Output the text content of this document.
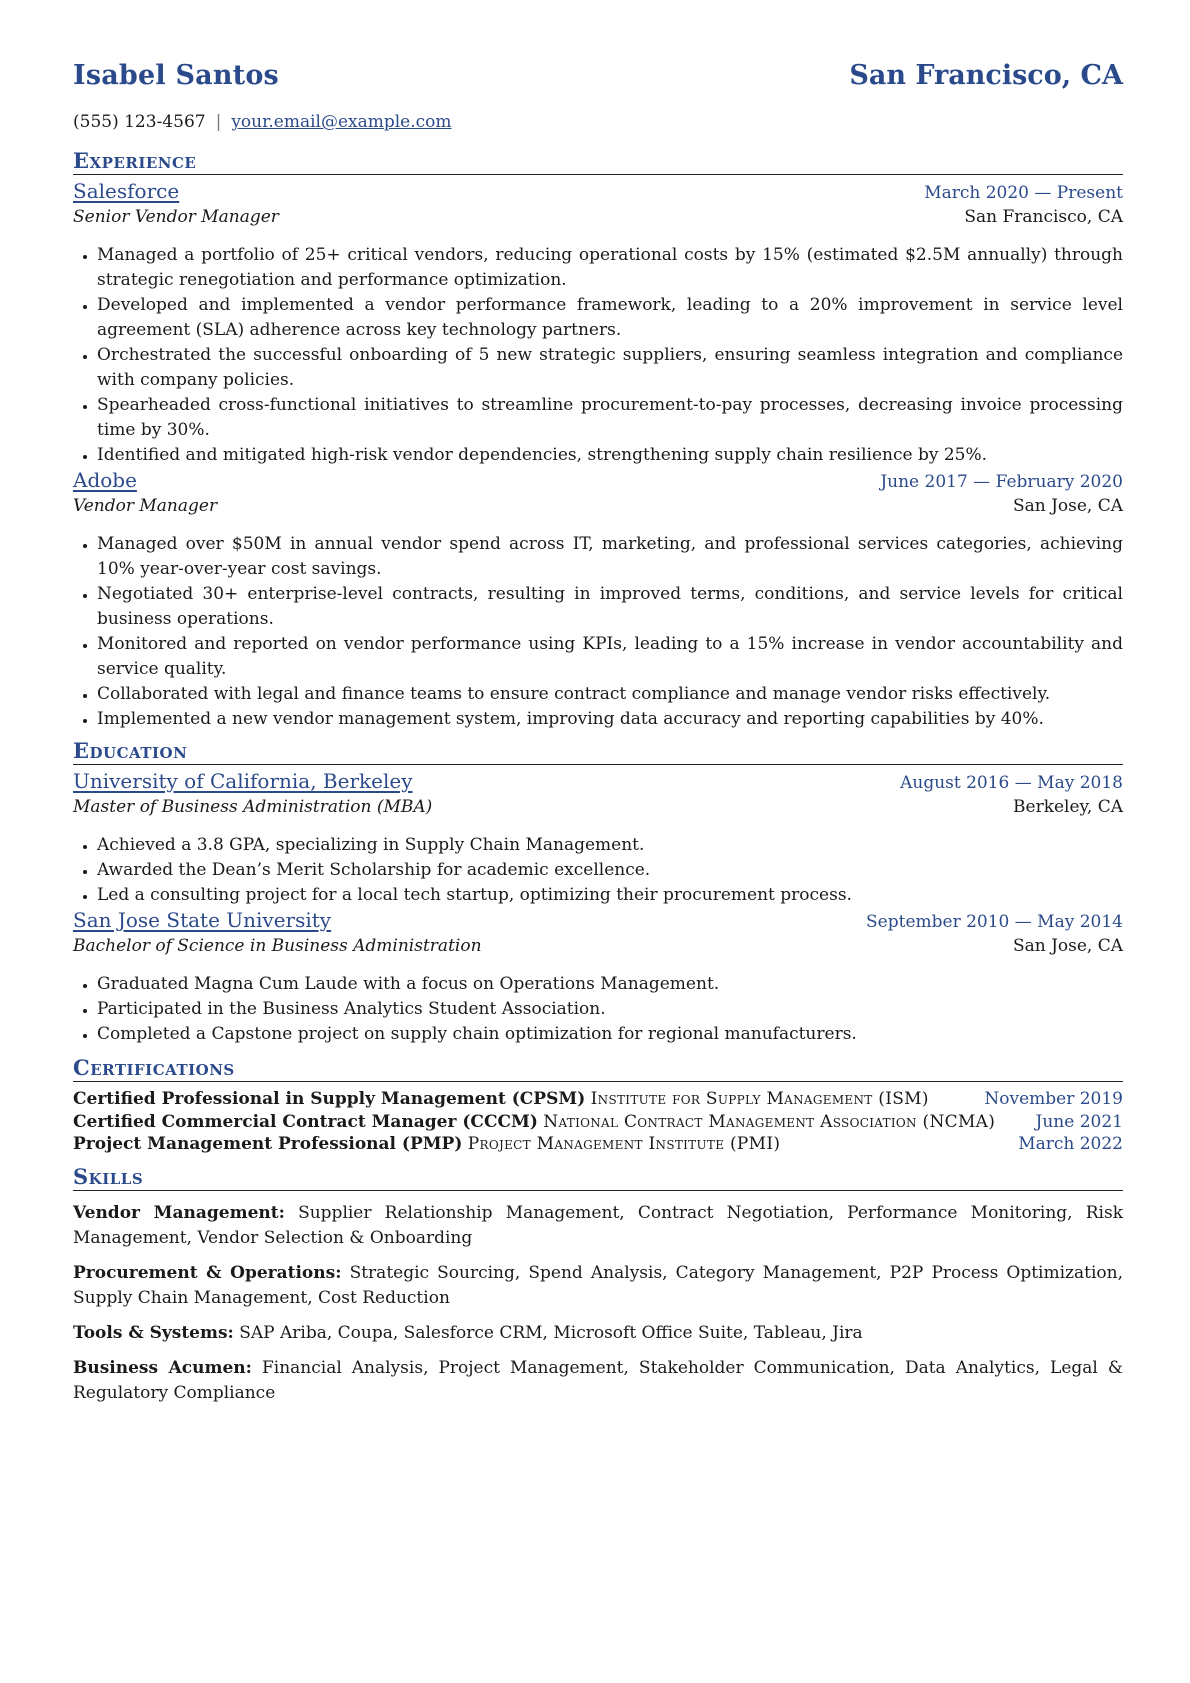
Isabel Santos	San Francisco, CA
(555) 123-4567 | your.email@example.com
Experience
Salesforce	March 2020 — Present
Senior Vendor Manager	San Francisco, CA
• Managed a portfolio of 25+ critical vendors, reducing operational costs by 15% (estimated $2.5M annually) through strategic renegotiation and performance optimization.
• Developed and implemented a vendor performance framework, leading to a 20% improvement in service level agreement (SLA) adherence across key technology partners.
• Orchestrated the successful onboarding of 5 new strategic suppliers, ensuring seamless integration and compliance with company policies.
• Spearheaded cross-functional initiatives to streamline procurement-to-pay processes, decreasing invoice processing time by 30%.
• Identified and mitigated high-risk vendor dependencies, strengthening supply chain resilience by 25%.
Adobe	June 2017 — February 2020
Vendor Manager	San Jose, CA
• Managed over $50M in annual vendor spend across IT, marketing, and professional services categories, achieving 10% year-over-year cost savings.
• Negotiated 30+ enterprise-level contracts, resulting in improved terms, conditions, and service levels for critical business operations.
• Monitored and reported on vendor performance using KPIs, leading to a 15% increase in vendor accountability and service quality.
• Collaborated with legal and finance teams to ensure contract compliance and manage vendor risks effectively.
• Implemented a new vendor management system, improving data accuracy and reporting capabilities by 40%.
Education
University of California, Berkeley	August 2016 — May 2018
Master of Business Administration (MBA)	Berkeley, CA
• Achieved a 3.8 GPA, specializing in Supply Chain Management.
• Awarded the Dean’s Merit Scholarship for academic excellence.
• Led a consulting project for a local tech startup, optimizing their procurement process.
San Jose State University	September 2010 — May 2014
Bachelor of Science in Business Administration	San Jose, CA
• Graduated Magna Cum Laude with a focus on Operations Management.
• Participated in the Business Analytics Student Association.
• Completed a Capstone project on supply chain optimization for regional manufacturers.
Certifications
Certified Professional in Supply Management (CPSM) Institute for Supply Management (ISM)	November 2019
Certified Commercial Contract Manager (CCCM) National Contract Management Association (NCMA)	June 2021
Project Management Professional (PMP) Project Management Institute (PMI)	March 2022
Skills
Vendor Management: Supplier Relationship Management, Contract Negotiation, Performance Monitoring, Risk Management, Vendor Selection & Onboarding
Procurement & Operations: Strategic Sourcing, Spend Analysis, Category Management, P2P Process Optimization, Supply Chain Management, Cost Reduction
Tools & Systems: SAP Ariba, Coupa, Salesforce CRM, Microsoft Office Suite, Tableau, Jira
Business Acumen: Financial Analysis, Project Management, Stakeholder Communication, Data Analytics, Legal & Regulatory Compliance
